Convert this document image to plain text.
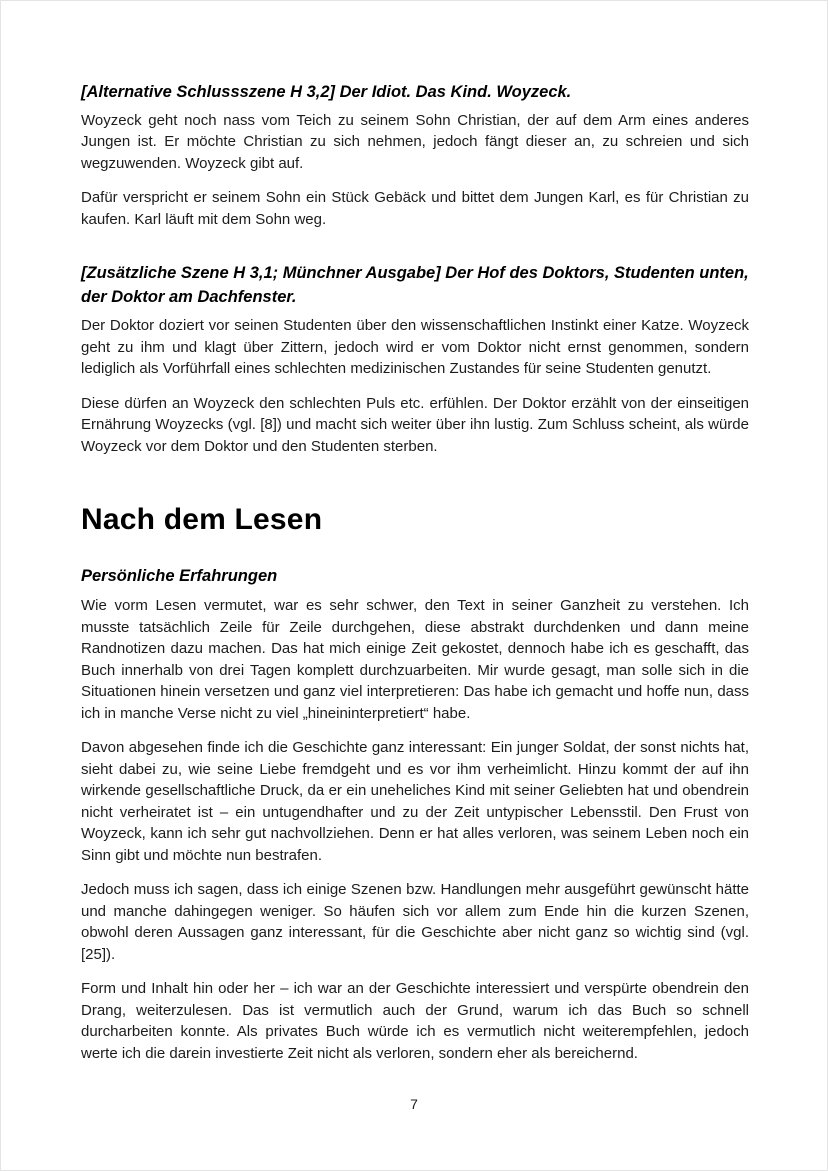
[Alternative Schlussszene H 3,2] Der Idiot. Das Kind. Woyzeck.

Woyzeck geht noch nass vom Teich zu seinem Sohn Christian, der auf dem Arm eines anderes Jungen ist. Er möchte Christian zu sich nehmen, jedoch fängt dieser an, zu schreien und sich wegzuwenden. Woyzeck gibt auf.

Dafür verspricht er seinem Sohn ein Stück Gebäck und bittet dem Jungen Karl, es für Christian zu kaufen. Karl läuft mit dem Sohn weg.

[Zusätzliche Szene H 3,1; Münchner Ausgabe] Der Hof des Doktors, Studenten unten, der Doktor am Dachfenster.

Der Doktor doziert vor seinen Studenten über den wissenschaftlichen Instinkt einer Katze. Woyzeck geht zu ihm und klagt über Zittern, jedoch wird er vom Doktor nicht ernst genommen, sondern lediglich als Vorführfall eines schlechten medizinischen Zustandes für seine Studenten genutzt.

Diese dürfen an Woyzeck den schlechten Puls etc. erfühlen. Der Doktor erzählt von der einseitigen Ernährung Woyzecks (vgl. [8]) und macht sich weiter über ihn lustig. Zum Schluss scheint, als würde Woyzeck vor dem Doktor und den Studenten sterben.

Nach dem Lesen
Persönliche Erfahrungen

Wie vorm Lesen vermutet, war es sehr schwer, den Text in seiner Ganzheit zu verstehen. Ich musste tatsächlich Zeile für Zeile durchgehen, diese abstrakt durchdenken und dann meine Randnotizen dazu machen. Das hat mich einige Zeit gekostet, dennoch habe ich es geschafft, das Buch innerhalb von drei Tagen komplett durchzuarbeiten. Mir wurde gesagt, man solle sich in die Situationen hinein versetzen und ganz viel interpretieren: Das habe ich gemacht und hoffe nun, dass ich in manche Verse nicht zu viel „hineininterpretiert“ habe.

Davon abgesehen finde ich die Geschichte ganz interessant: Ein junger Soldat, der sonst nichts hat, sieht dabei zu, wie seine Liebe fremdgeht und es vor ihm verheimlicht. Hinzu kommt der auf ihn wirkende gesellschaftliche Druck, da er ein uneheliches Kind mit seiner Geliebten hat und obendrein nicht verheiratet ist – ein untugendhafter und zu der Zeit untypischer Lebensstil. Den Frust von Woyzeck, kann ich sehr gut nachvollziehen. Denn er hat alles verloren, was seinem Leben noch ein Sinn gibt und möchte nun bestrafen.

Jedoch muss ich sagen, dass ich einige Szenen bzw. Handlungen mehr ausgeführt gewünscht hätte und manche dahingegen weniger. So häufen sich vor allem zum Ende hin die kurzen Szenen, obwohl deren Aussagen ganz interessant, für die Geschichte aber nicht ganz so wichtig sind (vgl. [25]).

Form und Inhalt hin oder her – ich war an der Geschichte interessiert und verspürte obendrein den Drang, weiterzulesen. Das ist vermutlich auch der Grund, warum ich das Buch so schnell durcharbeiten konnte. Als privates Buch würde ich es vermutlich nicht weiterempfehlen, jedoch werte ich die darein investierte Zeit nicht als verloren, sondern eher als bereichernd.

7
